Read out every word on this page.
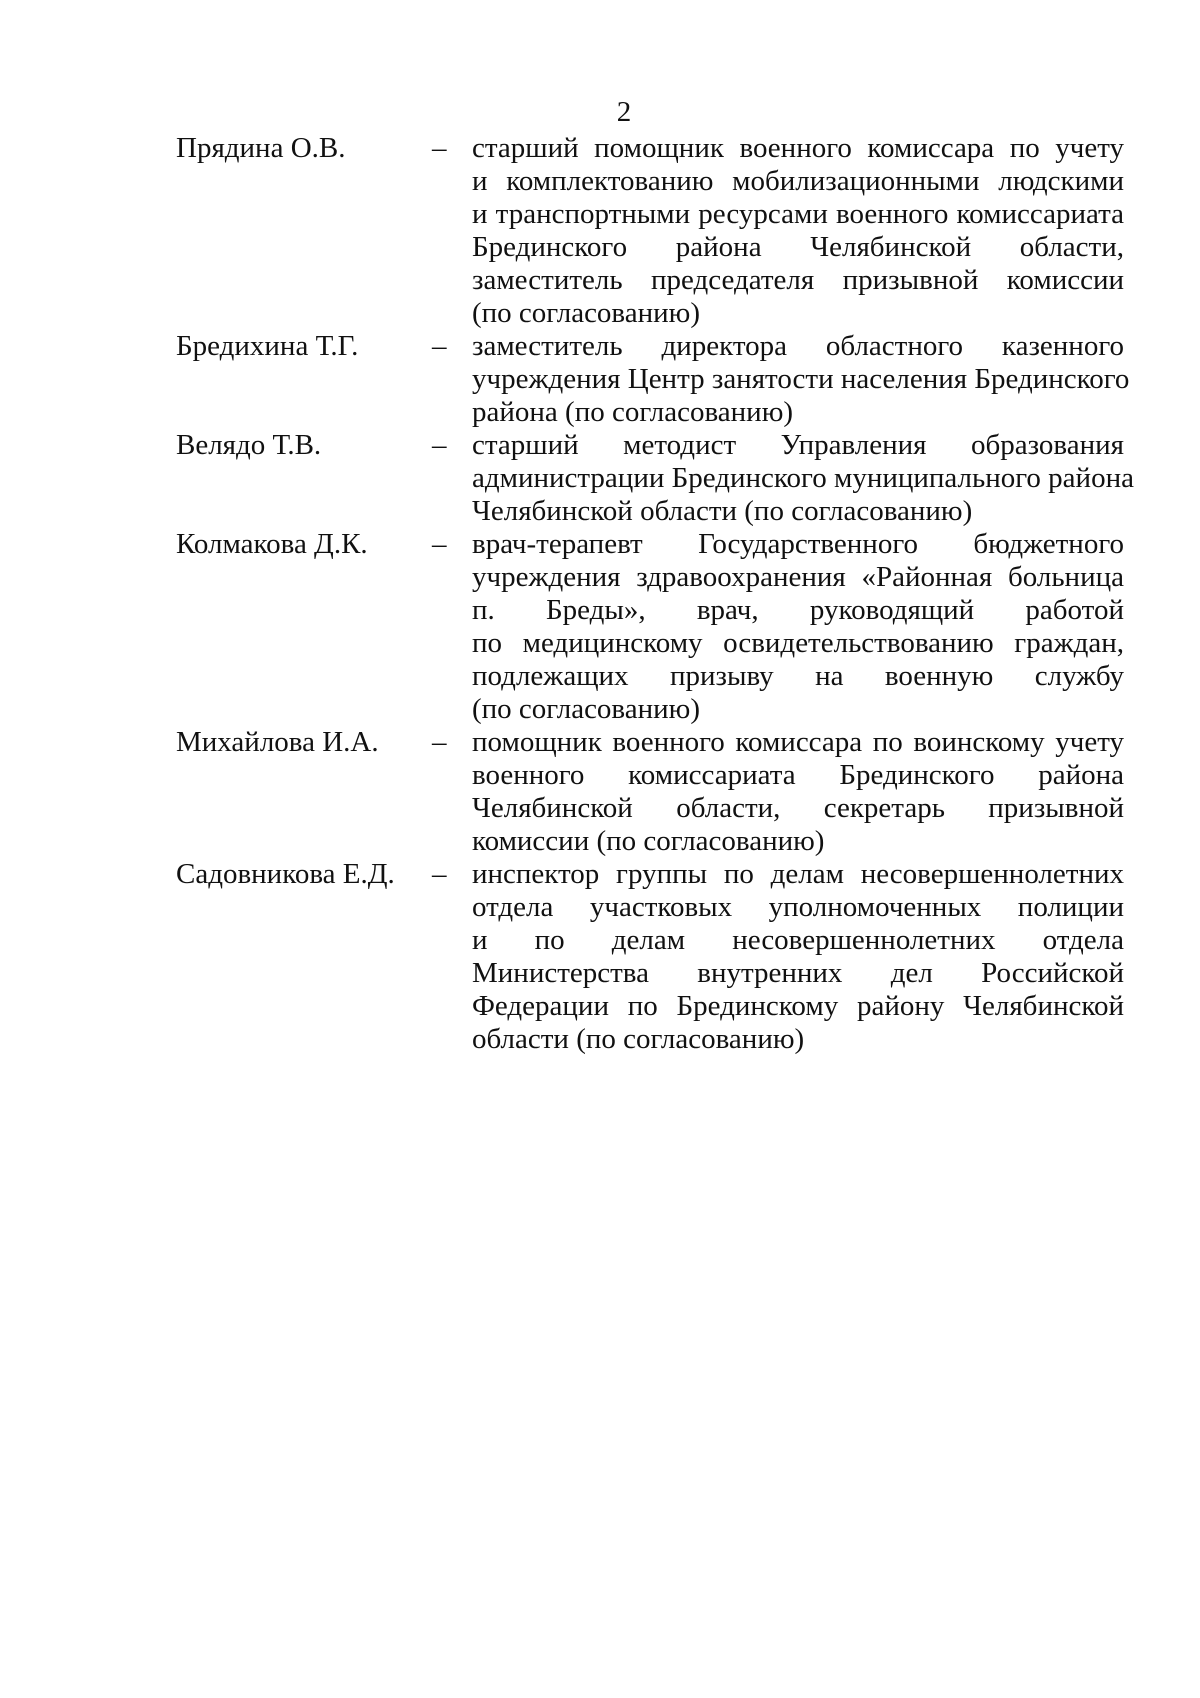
2
Прядина О.В.	– старший помощник военного комиссара по учету
и комплектованию мобилизационными людскими
и транспортными ресурсами военного комиссариата
Брединского района Челябинской области,
заместитель председателя призывной комиссии
(по согласованию)
Бредихина Т.Г.	– заместитель директора областного казенного
учреждения Центр занятости населения Брединского
района (по согласованию)
Велядо Т.В.	– старший методист Управления образования
администрации Брединского муниципального района
Челябинской области (по согласованию)
Колмакова Д.К.	– врач-терапевт Государственного бюджетного
учреждения здравоохранения «Районная больница
п. Бреды», врач, руководящий работой
по медицинскому освидетельствованию граждан,
подлежащих призыву на военную службу
(по согласованию)
Михайлова И.А.	– помощник военного комиссара по воинскому учету
военного комиссариата Брединского района
Челябинской области, секретарь призывной
комиссии (по согласованию)
Садовникова Е.Д.	– инспектор группы по делам несовершеннолетних
отдела участковых уполномоченных полиции
и по делам несовершеннолетних отдела
Министерства внутренних дел Российской
Федерации по Брединскому району Челябинской
области (по согласованию)
